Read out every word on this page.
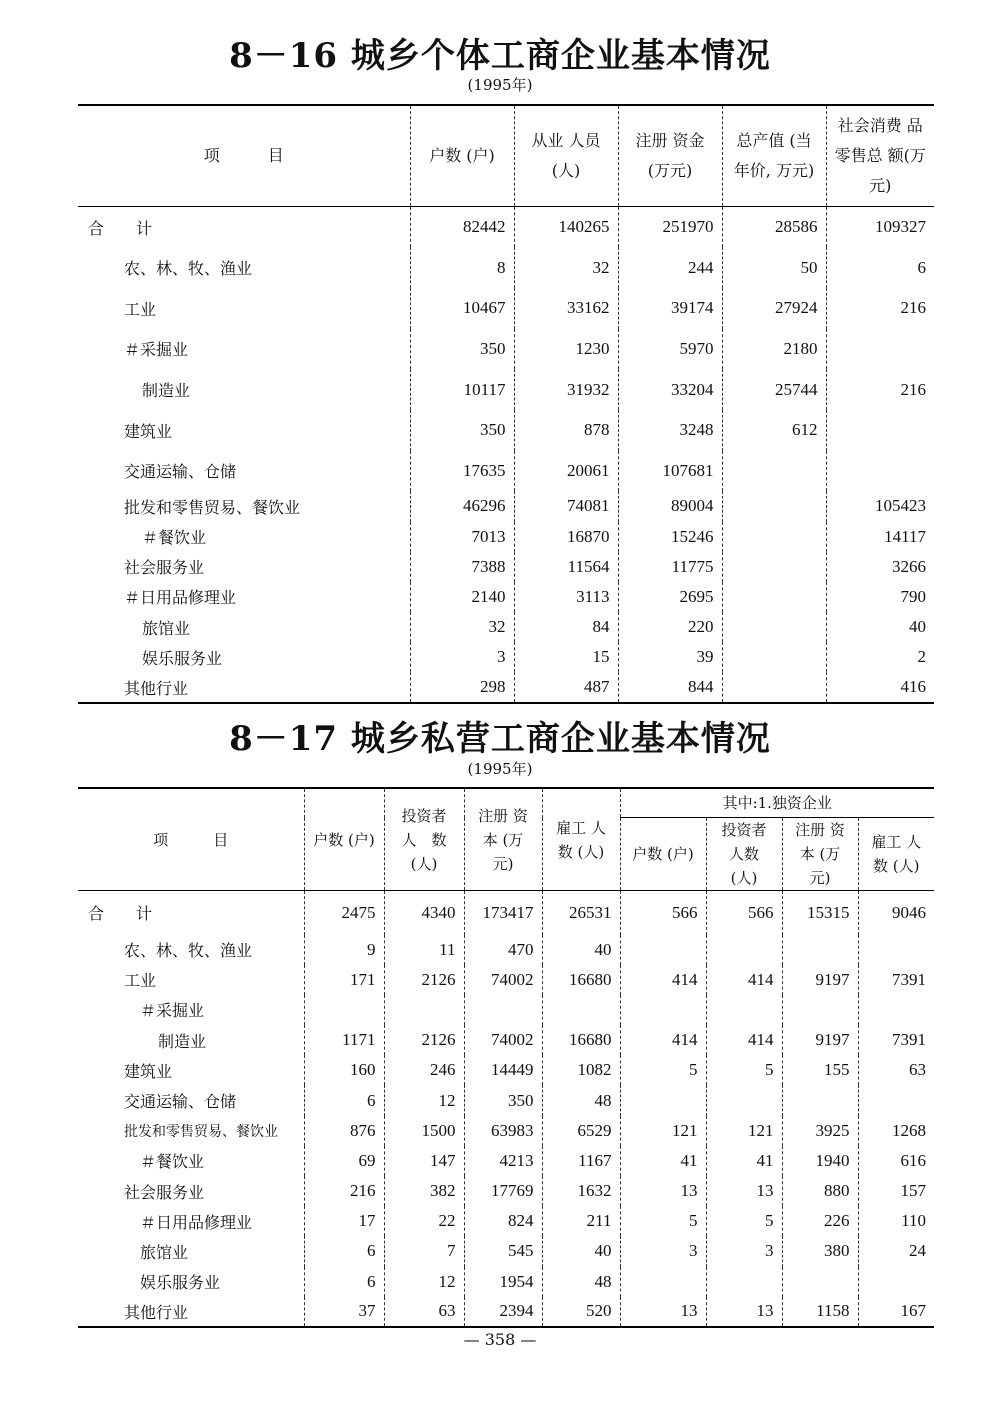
8－16 城乡个体工商企业基本情况
(1995年)
项　　　目	户数 (户)	从业 人员 (人)	注册 资金 (万元)	总产值 (当年价, 万元)	社会消费 品零售总 额(万元)
合　　计	82442	140265	251970	28586	109327
农、林、牧、渔业	8	32	244	50	6
工业	10467	33162	39174	27924	216
＃采掘业	350	1230	5970	2180	
制造业	10117	31932	33204	25744	216
建筑业	350	878	3248	612	
交通运输、仓储	17635	20061	107681		
批发和零售贸易、餐饮业	46296	74081	89004		105423
＃餐饮业	7013	16870	15246		14117
社会服务业	7388	11564	11775		3266
＃日用品修理业	2140	3113	2695		790
旅馆业	32	84	220		40
娱乐服务业	3	15	39		2
其他行业	298	487	844		416
8－17 城乡私营工商企业基本情况
(1995年)
项　　　目	户数 (户)	投资者 人　数 (人)	注册 资本 (万元)	雇工 人数 (人)	其中:1.独资企业			
					户数 (户)	投资者 人数 (人)	注册 资本 (万元)	雇工 人数 (人)
合　　计	2475	4340	173417	26531	566	566	15315	9046
农、林、牧、渔业	9	11	470	40				
工业	171	2126	74002	16680	414	414	9197	7391
＃采掘业								
制造业	1171	2126	74002	16680	414	414	9197	7391
建筑业	160	246	14449	1082	5	5	155	63
交通运输、仓储	6	12	350	48				
批发和零售贸易、餐饮业	876	1500	63983	6529	121	121	3925	1268
＃餐饮业	69	147	4213	1167	41	41	1940	616
社会服务业	216	382	17769	1632	13	13	880	157
＃日用品修理业	17	22	824	211	5	5	226	110
旅馆业	6	7	545	40	3	3	380	24
娱乐服务业	6	12	1954	48				
其他行业	37	63	2394	520	13	13	1158	167
— 358 —
